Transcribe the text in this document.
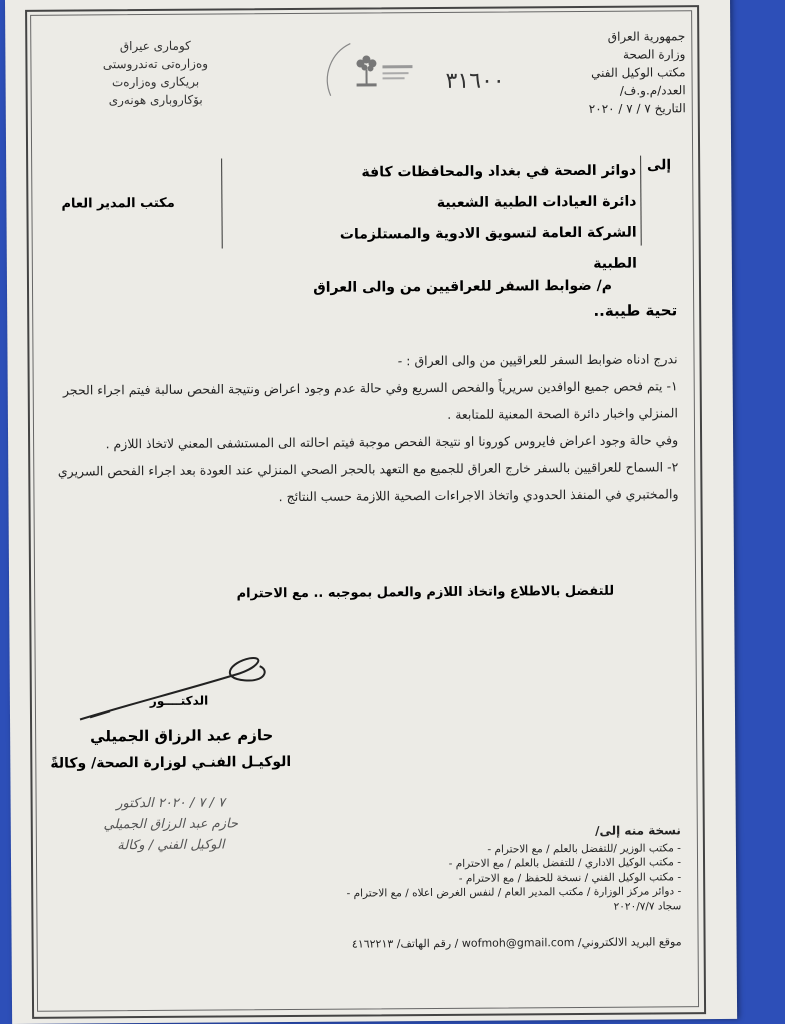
جمهورية العراق
وزارة الصحة
مكتب الوكيل الفني
العدد/م.و.ف/
التاريخ ٧ / ٧ / ٢٠٢٠
كوماری عیراق
وەزارەتی تەندروستی
بریکاری وەزارەت
بۆکاروباری هونەری
٣١٦٠٠
إلى
دوائر الصحة في بغداد والمحافظات كافة
دائرة العيادات الطبية الشعبية
الشركة العامة لتسويق الادوية والمستلزمات الطبية
مكتب المدير العام
م/ ضوابط السفر للعراقيين من والى العراق
تحية طيبة..

ندرج ادناه ضوابط السفر للعراقيين من والى العراق : -

١- يتم فحص جميع الوافدين سريرياً والفحص السريع وفي حالة عدم وجود اعراض ونتيجة الفحص سالبة فيتم اجراء الحجر المنزلي واخبار دائرة الصحة المعنية للمتابعة .

وفي حالة وجود اعراض فايروس كورونا او نتيجة الفحص موجبة فيتم احالته الى المستشفى المعني لاتخاذ اللازم .

٢- السماح للعراقيين بالسفر خارج العراق للجميع مع التعهد بالحجر الصحي المنزلي عند العودة بعد اجراء الفحص السريري والمختبري في المنفذ الحدودي واتخاذ الاجراءات الصحية اللازمة حسب النتائج .

للتفضل بالاطلاع واتخاذ اللازم والعمل بموجبه .. مع الاحترام
الدكتــــور
حازم عبد الرزاق الجميلي
الوكيـل الفنـي لوزارة الصحة/ وكالةً
٧ / ٧ / ٢٠٢٠ الدكتور
حازم عبد الرزاق الجميلي
الوكيل الفني / وكالة
نسخة منه إلى/
- مكتب الوزير /للتفضل بالعلم / مع الاحترام -
- مكتب الوكيل الاداري / للتفضل بالعلم / مع الاحترام -
- مكتب الوكيل الفني / نسخة للحفظ / مع الاحترام -
- دوائر مركز الوزارة / مكتب المدير العام / لنفس الغرض اعلاه / مع الاحترام -
سجاد ٢٠٢٠/٧/٧
موقع البريد الالكتروني/ wofmoh@gmail.com / رقم الهاتف/ ٤١٦٢٢١٣
